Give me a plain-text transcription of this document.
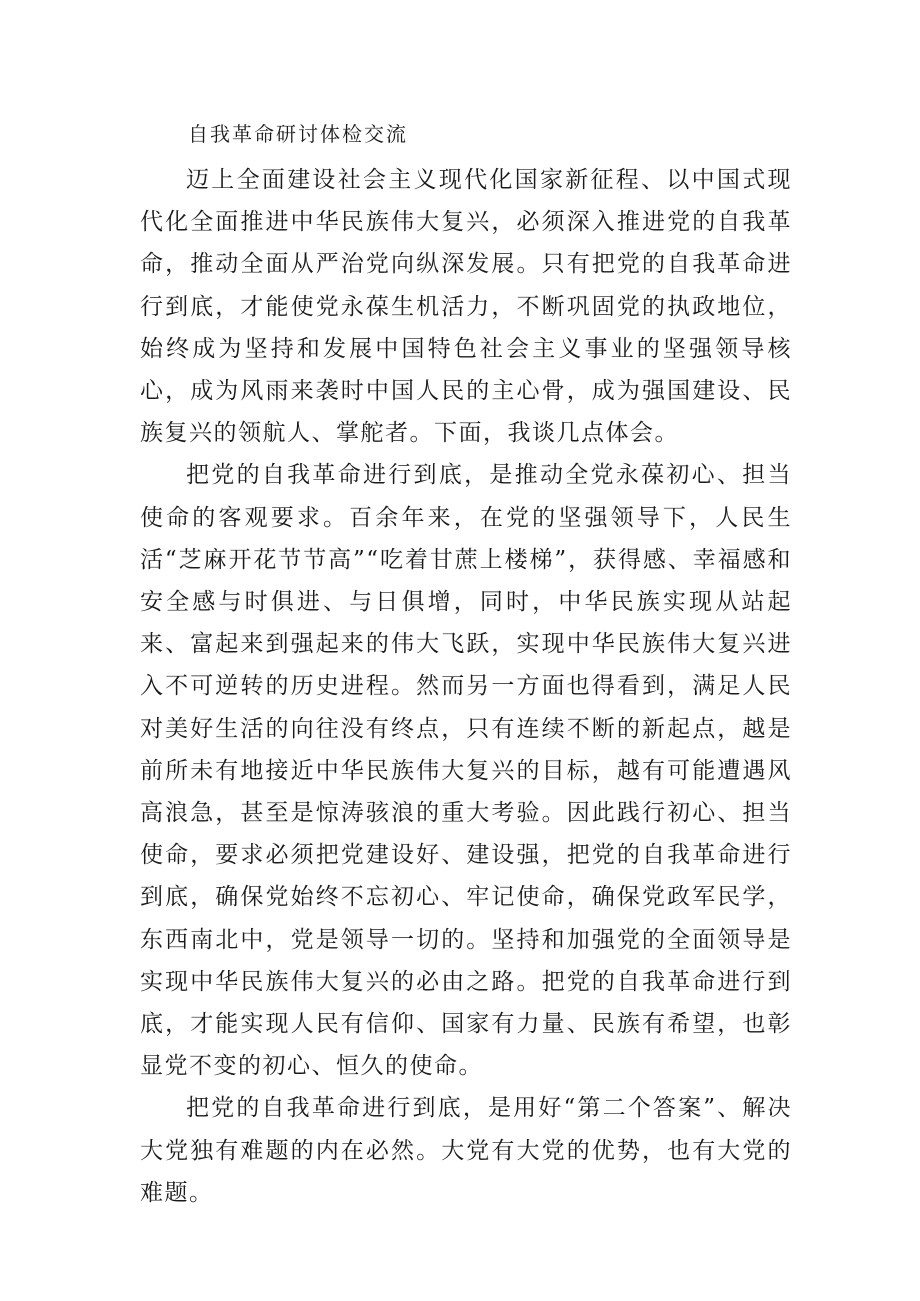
自我革命研讨体检交流

迈上全面建设社会主义现代化国家新征程、以中国式现代化全面推进中华民族伟大复兴，必须深入推进党的自我革命，推动全面从严治党向纵深发展。只有把党的自我革命进行到底，才能使党永葆生机活力，不断巩固党的执政地位，始终成为坚持和发展中国特色社会主义事业的坚强领导核心，成为风雨来袭时中国人民的主心骨，成为强国建设、民族复兴的领航人、掌舵者。下面，我谈几点体会。

把党的自我革命进行到底，是推动全党永葆初心、担当使命的客观要求。百余年来，在党的坚强领导下，人民生活“芝麻开花节节高”“吃着甘蔗上楼梯”，获得感、幸福感和安全感与时俱进、与日俱增，同时，中华民族实现从站起来、富起来到强起来的伟大飞跃，实现中华民族伟大复兴进入不可逆转的历史进程。然而另一方面也得看到，满足人民对美好生活的向往没有终点，只有连续不断的新起点，越是前所未有地接近中华民族伟大复兴的目标，越有可能遭遇风高浪急，甚至是惊涛骇浪的重大考验。因此践行初心、担当使命，要求必须把党建设好、建设强，把党的自我革命进行到底，确保党始终不忘初心、牢记使命，确保党政军民学，东西南北中，党是领导一切的。坚持和加强党的全面领导是实现中华民族伟大复兴的必由之路。把党的自我革命进行到底，才能实现人民有信仰、国家有力量、民族有希望，也彰显党不变的初心、恒久的使命。

把党的自我革命进行到底，是用好“第二个答案”、解决大党独有难题的内在必然。大党有大党的优势，也有大党的难题。
